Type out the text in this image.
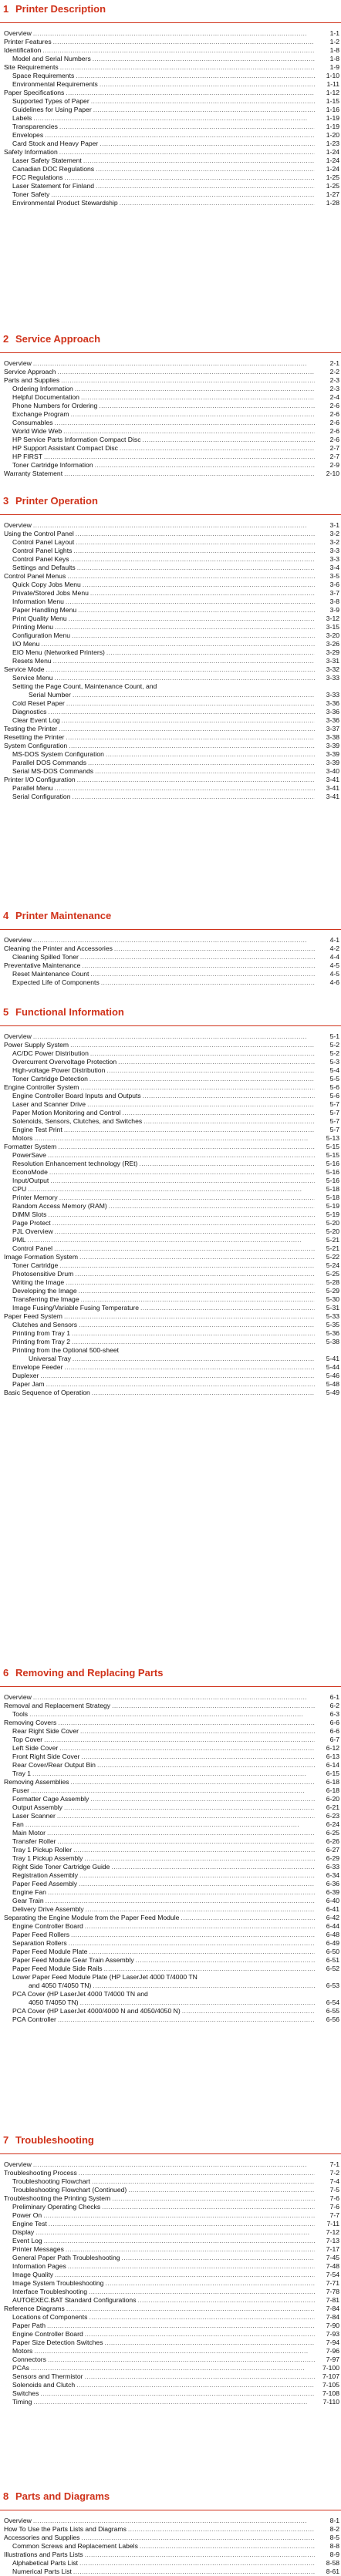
1 Printer Description
Overview . . .	1-1
Printer Features . . .	1-2
Identification . . .	1-8
Model and Serial Numbers . . .	1-8
Site Requirements . . .	1-9
Space Requirements . . .	1-10
Environmental Requirements . . .	1-11
Paper Specifications . . .	1-12
Supported Types of Paper . . .	1-15
Guidelines for Using Paper . . .	1-16
Labels . . .	1-19
Transparencies . . .	1-19
Envelopes . . .	1-20
Card Stock and Heavy Paper . . .	1-23
Safety Information . . .	1-24
Laser Safety Statement . . .	1-24
Canadian DOC Regulations . . .	1-24
FCC Regulations . . .	1-25
Laser Statement for Finland . . .	1-25
Toner Safety . . .	1-27
Environmental Product Stewardship . . .	1-28
2 Service Approach
Overview . . .	2-1
Service Approach . . .	2-2
Parts and Supplies . . .	2-3
Ordering Information . . .	2-3
Helpful Documentation . . .	2-4
Phone Numbers for Ordering . . .	2-6
Exchange Program . . .	2-6
Consumables . . .	2-6
World Wide Web . . .	2-6
HP Service Parts Information Compact Disc . . .	2-6
HP Support Assistant Compact Disc . . .	2-7
HP FIRST . . .	2-7
Toner Cartridge Information . . .	2-9
Warranty Statement . . .	2-10
3 Printer Operation
Overview . . .	3-1
Using the Control Panel . . .	3-2
Control Panel Layout . . .	3-2
Control Panel Lights . . .	3-3
Control Panel Keys . . .	3-3
Settings and Defaults . . .	3-4
Control Panel Menus . . .	3-5
Quick Copy Jobs Menu . . .	3-6
Private/Stored Jobs Menu . . .	3-7
Information Menu . . .	3-8
Paper Handling Menu . . .	3-9
Print Quality Menu . . .	3-12
Printing Menu . . .	3-15
Configuration Menu . . .	3-20
I/O Menu . . .	3-26
EIO Menu (Networked Printers) . . .	3-29
Resets Menu . . .	3-31
Service Mode . . .	3-32
Service Menu . . .	3-33
Setting the Page Count, Maintenance Count, and
Serial Number . . .	3-33
Cold Reset Paper . . .	3-36
Diagnostics . . .	3-36
Clear Event Log . . .	3-36
Testing the Printer . . .	3-37
Resetting the Printer . . .	3-38
System Configuration . . .	3-39
MS-DOS System Configuration . . .	3-39
Parallel DOS Commands . . .	3-39
Serial MS-DOS Commands . . .	3-40
Printer I/O Configuration . . .	3-41
Parallel Menu . . .	3-41
Serial Configuration . . .	3-41
4 Printer Maintenance
Overview . . .	4-1
Cleaning the Printer and Accessories . . .	4-2
Cleaning Spilled Toner . . .	4-4
Preventative Maintenance . . .	4-5
Reset Maintenance Count . . .	4-5
Expected Life of Components . . .	4-6
5 Functional Information
Overview . . .	5-1
Power Supply System . . .	5-2
AC/DC Power Distribution . . .	5-2
Overcurrent Overvoltage Protection . . .	5-3
High-voltage Power Distribution . . .	5-4
Toner Cartridge Detection . . .	5-5
Engine Controller System . . .	5-6
Engine Controller Board Inputs and Outputs . . .	5-6
Laser and Scanner Drive . . .	5-7
Paper Motion Monitoring and Control . . .	5-7
Solenoids, Sensors, Clutches, and Switches . . .	5-7
Engine Test Print . . .	5-7
Motors . . .	5-13
Formatter System . . .	5-15
PowerSave . . .	5-15
Resolution Enhancement technology (REt) . . .	5-16
EconoMode . . .	5-16
Input/Output . . .	5-16
CPU . . .	5-18
Printer Memory . . .	5-18
Random Access Memory (RAM) . . .	5-19
DIMM Slots . . .	5-19
Page Protect . . .	5-20
PJL Overview . . .	5-20
PML . . .	5-21
Control Panel . . .	5-21
Image Formation System . . .	5-22
Toner Cartridge . . .	5-24
Photosensitive Drum . . .	5-25
Writing the Image . . .	5-28
Developing the Image . . .	5-29
Transferring the Image . . .	5-30
Image Fusing/Variable Fusing Temperature . . .	5-31
Paper Feed System . . .	5-33
Clutches and Sensors . . .	5-35
Printing from Tray 1 . . .	5-36
Printing from Tray 2 . . .	5-38
Printing from the Optional 500-sheet
Universal Tray . . .	5-41
Envelope Feeder . . .	5-44
Duplexer . . .	5-46
Paper Jam . . .	5-48
Basic Sequence of Operation . . .	5-49
6 Removing and Replacing Parts
Overview . . .	6-1
Removal and Replacement Strategy . . .	6-2
Tools . . .	6-3
Removing Covers . . .	6-6
Rear Right Side Cover . . .	6-6
Top Cover . . .	6-7
Left Side Cover . . .	6-12
Front Right Side Cover . . .	6-13
Rear Cover/Rear Output Bin . . .	6-14
Tray 1 . . .	6-15
Removing Assemblies . . .	6-18
Fuser . . .	6-18
Formatter Cage Assembly . . .	6-20
Output Assembly . . .	6-21
Laser Scanner . . .	6-23
Fan . . .	6-24
Main Motor . . .	6-25
Transfer Roller . . .	6-26
Tray 1 Pickup Roller . . .	6-27
Tray 1 Pickup Assembly . . .	6-29
Right Side Toner Cartridge Guide . . .	6-33
Registration Assembly . . .	6-34
Paper Feed Assembly . . .	6-36
Engine Fan . . .	6-39
Gear Train . . .	6-40
Delivery Drive Assembly . . .	6-41
Separating the Engine Module from the Paper Feed Module . . .	6-42
Engine Controller Board . . .	6-44
Paper Feed Rollers . . .	6-48
Separation Rollers . . .	6-49
Paper Feed Module Plate . . .	6-50
Paper Feed Module Gear Train Assembly . . .	6-51
Paper Feed Module Side Rails . . .	6-52
Lower Paper Feed Module Plate (HP LaserJet 4000 T/4000 TN
and 4050 T/4050 TN) . . .	6-53
PCA Cover (HP LaserJet 4000 T/4000 TN and
4050 T/4050 TN) . . .	6-54
PCA Cover (HP LaserJet 4000/4000 N and 4050/4050 N) . . .	6-55
PCA Controller . . .	6-56
7 Troubleshooting
Overview . . .	7-1
Troubleshooting Process . . .	7-2
Troubleshooting Flowchart . . .	7-4
Troubleshooting Flowchart (Continued) . . .	7-5
Troubleshooting the Printing System . . .	7-6
Preliminary Operating Checks . . .	7-6
Power On . . .	7-7
Engine Test . . .	7-11
Display . . .	7-12
Event Log . . .	7-13
Printer Messages . . .	7-17
General Paper Path Troubleshooting . . .	7-45
Information Pages . . .	7-48
Image Quality . . .	7-54
Image System Troubleshooting . . .	7-71
Interface Troubleshooting . . .	7-78
AUTOEXEC.BAT Standard Configurations . . .	7-81
Reference Diagrams . . .	7-84
Locations of Components . . .	7-84
Paper Path . . .	7-90
Engine Controller Board . . .	7-93
Paper Size Detection Switches . . .	7-94
Motors . . .	7-96
Connectors . . .	7-97
PCAs . . .	7-100
Sensors and Thermistor . . .	7-107
Solenoids and Clutch . . .	7-105
Switches . . .	7-108
Timing . . .	7-110
8 Parts and Diagrams
Overview . . .	8-1
How To Use the Parts Lists and Diagrams . . .	8-2
Accessories and Supplies . . .	8-5
Common Screws and Replacement Labels . . .	8-8
Illustrations and Parts Lists . . .	8-9
Alphabetical Parts List . . .	8-58
Numerical Parts List . . .	8-61
